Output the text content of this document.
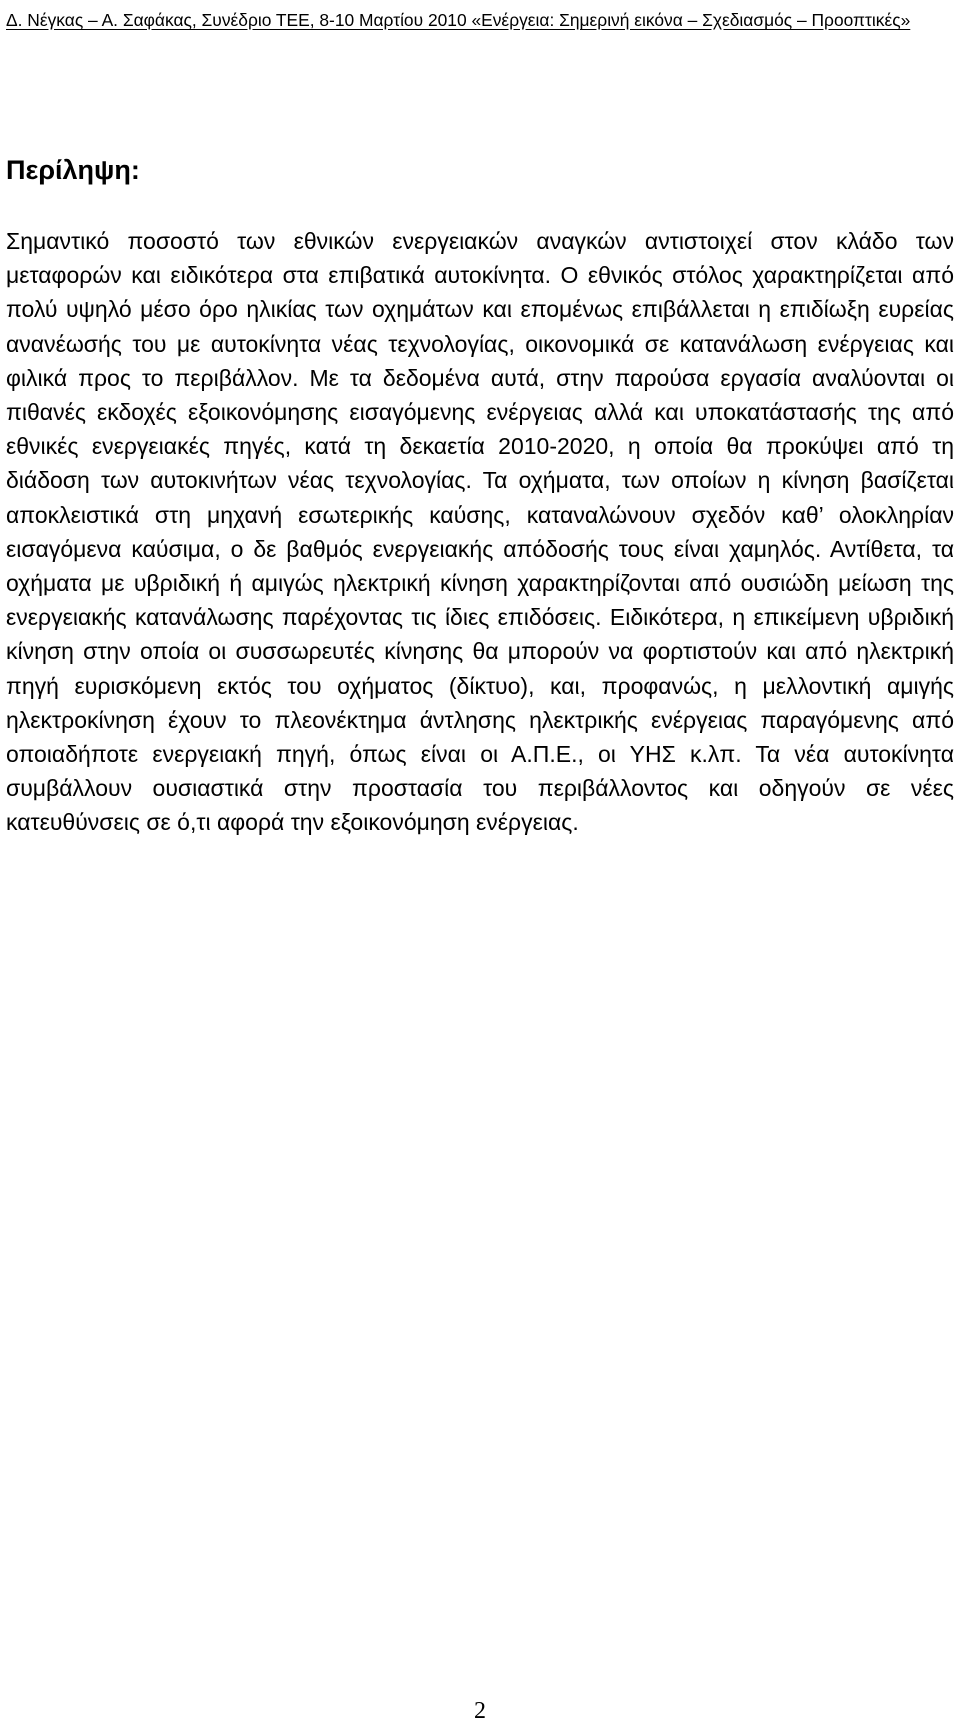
Δ. Νέγκας – Α. Σαφάκας, Συνέδριο ΤΕΕ, 8-10 Μαρτίου 2010 «Ενέργεια: Σημερινή εικόνα – Σχεδιασμός – Προοπτικές»
Περίληψη:

Σημαντικό ποσοστό των εθνικών ενεργειακών αναγκών αντιστοιχεί στον κλάδο των μεταφορών και ειδικότερα στα επιβατικά αυτοκίνητα. Ο εθνικός στόλος χαρακτηρίζεται από πολύ υψηλό μέσο όρο ηλικίας των οχημάτων και επομένως επιβάλλεται η επιδίωξη ευρείας ανανέωσής του με αυτοκίνητα νέας τεχνολογίας, οικονομικά σε κατανάλωση ενέργειας και φιλικά προς το περιβάλλον. Με τα δεδομένα αυτά, στην παρούσα εργασία αναλύονται οι πιθανές εκδοχές εξοικονόμησης εισαγόμενης ενέργειας αλλά και υποκατάστασής της από εθνικές ενεργειακές πηγές, κατά τη δεκαετία 2010-2020, η οποία θα προκύψει από τη διάδοση των αυτοκινήτων νέας τεχνολογίας. Τα οχήματα, των οποίων η κίνηση βασίζεται αποκλειστικά στη μηχανή εσωτερικής καύσης, καταναλώνουν σχεδόν καθ’ ολοκληρίαν εισαγόμενα καύσιμα, ο δε βαθμός ενεργειακής απόδοσής τους είναι χαμηλός. Αντίθετα, τα οχήματα με υβριδική ή αμιγώς ηλεκτρική κίνηση χαρακτηρίζονται από ουσιώδη μείωση της ενεργειακής κατανάλωσης παρέχοντας τις ίδιες επιδόσεις. Ειδικότερα, η επικείμενη υβριδική κίνηση στην οποία οι συσσωρευτές κίνησης θα μπορούν να φορτιστούν και από ηλεκτρική πηγή ευρισκόμενη εκτός του οχήματος (δίκτυο), και, προφανώς, η μελλοντική αμιγής ηλεκτροκίνηση έχουν το πλεονέκτημα άντλησης ηλεκτρικής ενέργειας παραγόμενης από οποιαδήποτε ενεργειακή πηγή, όπως είναι οι Α.Π.Ε., οι ΥΗΣ κ.λπ. Τα νέα αυτοκίνητα συμβάλλουν ουσιαστικά στην προστασία του περιβάλλοντος και οδηγούν σε νέες κατευθύνσεις σε ό,τι αφορά την εξοικονόμηση ενέργειας.

2
